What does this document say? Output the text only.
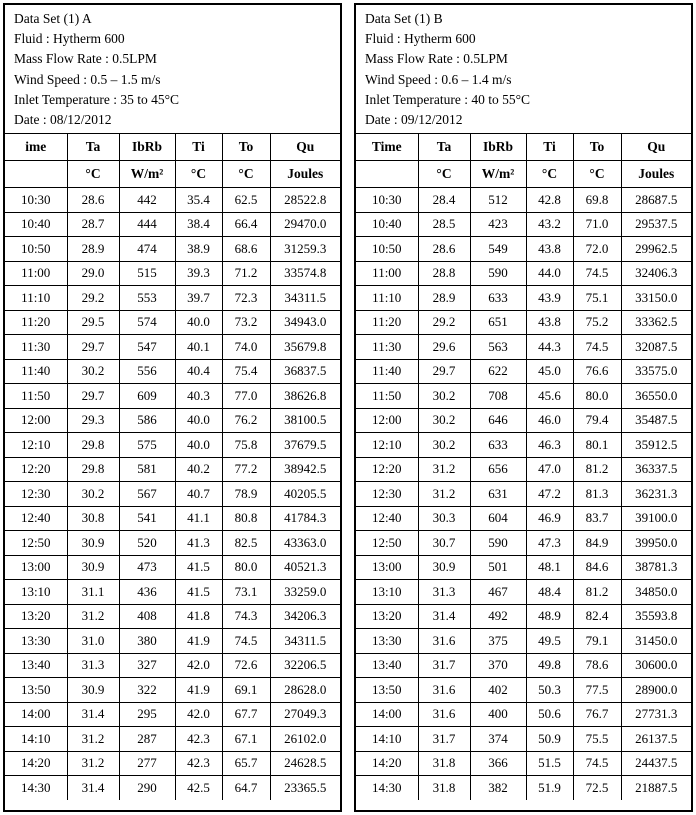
Data Set (1) A
Fluid : Hytherm 600
Mass Flow Rate : 0.5LPM
Wind Speed : 0.5 – 1.5 m/s
Inlet Temperature : 35 to 45°C
Date : 08/12/2012
ime	Ta	IbRb	Ti	To	Qu
	°C	W/m²	°C	°C	Joules
10:30	28.6	442	35.4	62.5	28522.8
10:40	28.7	444	38.4	66.4	29470.0
10:50	28.9	474	38.9	68.6	31259.3
11:00	29.0	515	39.3	71.2	33574.8
11:10	29.2	553	39.7	72.3	34311.5
11:20	29.5	574	40.0	73.2	34943.0
11:30	29.7	547	40.1	74.0	35679.8
11:40	30.2	556	40.4	75.4	36837.5
11:50	29.7	609	40.3	77.0	38626.8
12:00	29.3	586	40.0	76.2	38100.5
12:10	29.8	575	40.0	75.8	37679.5
12:20	29.8	581	40.2	77.2	38942.5
12:30	30.2	567	40.7	78.9	40205.5
12:40	30.8	541	41.1	80.8	41784.3
12:50	30.9	520	41.3	82.5	43363.0
13:00	30.9	473	41.5	80.0	40521.3
13:10	31.1	436	41.5	73.1	33259.0
13:20	31.2	408	41.8	74.3	34206.3
13:30	31.0	380	41.9	74.5	34311.5
13:40	31.3	327	42.0	72.6	32206.5
13:50	30.9	322	41.9	69.1	28628.0
14:00	31.4	295	42.0	67.7	27049.3
14:10	31.2	287	42.3	67.1	26102.0
14:20	31.2	277	42.3	65.7	24628.5
14:30	31.4	290	42.5	64.7	23365.5
Data Set (1) B
Fluid : Hytherm 600
Mass Flow Rate : 0.5LPM
Wind Speed : 0.6 – 1.4 m/s
Inlet Temperature : 40 to 55°C
Date : 09/12/2012
Time	Ta	IbRb	Ti	To	Qu
	°C	W/m²	°C	°C	Joules
10:30	28.4	512	42.8	69.8	28687.5
10:40	28.5	423	43.2	71.0	29537.5
10:50	28.6	549	43.8	72.0	29962.5
11:00	28.8	590	44.0	74.5	32406.3
11:10	28.9	633	43.9	75.1	33150.0
11:20	29.2	651	43.8	75.2	33362.5
11:30	29.6	563	44.3	74.5	32087.5
11:40	29.7	622	45.0	76.6	33575.0
11:50	30.2	708	45.6	80.0	36550.0
12:00	30.2	646	46.0	79.4	35487.5
12:10	30.2	633	46.3	80.1	35912.5
12:20	31.2	656	47.0	81.2	36337.5
12:30	31.2	631	47.2	81.3	36231.3
12:40	30.3	604	46.9	83.7	39100.0
12:50	30.7	590	47.3	84.9	39950.0
13:00	30.9	501	48.1	84.6	38781.3
13:10	31.3	467	48.4	81.2	34850.0
13:20	31.4	492	48.9	82.4	35593.8
13:30	31.6	375	49.5	79.1	31450.0
13:40	31.7	370	49.8	78.6	30600.0
13:50	31.6	402	50.3	77.5	28900.0
14:00	31.6	400	50.6	76.7	27731.3
14:10	31.7	374	50.9	75.5	26137.5
14:20	31.8	366	51.5	74.5	24437.5
14:30	31.8	382	51.9	72.5	21887.5
